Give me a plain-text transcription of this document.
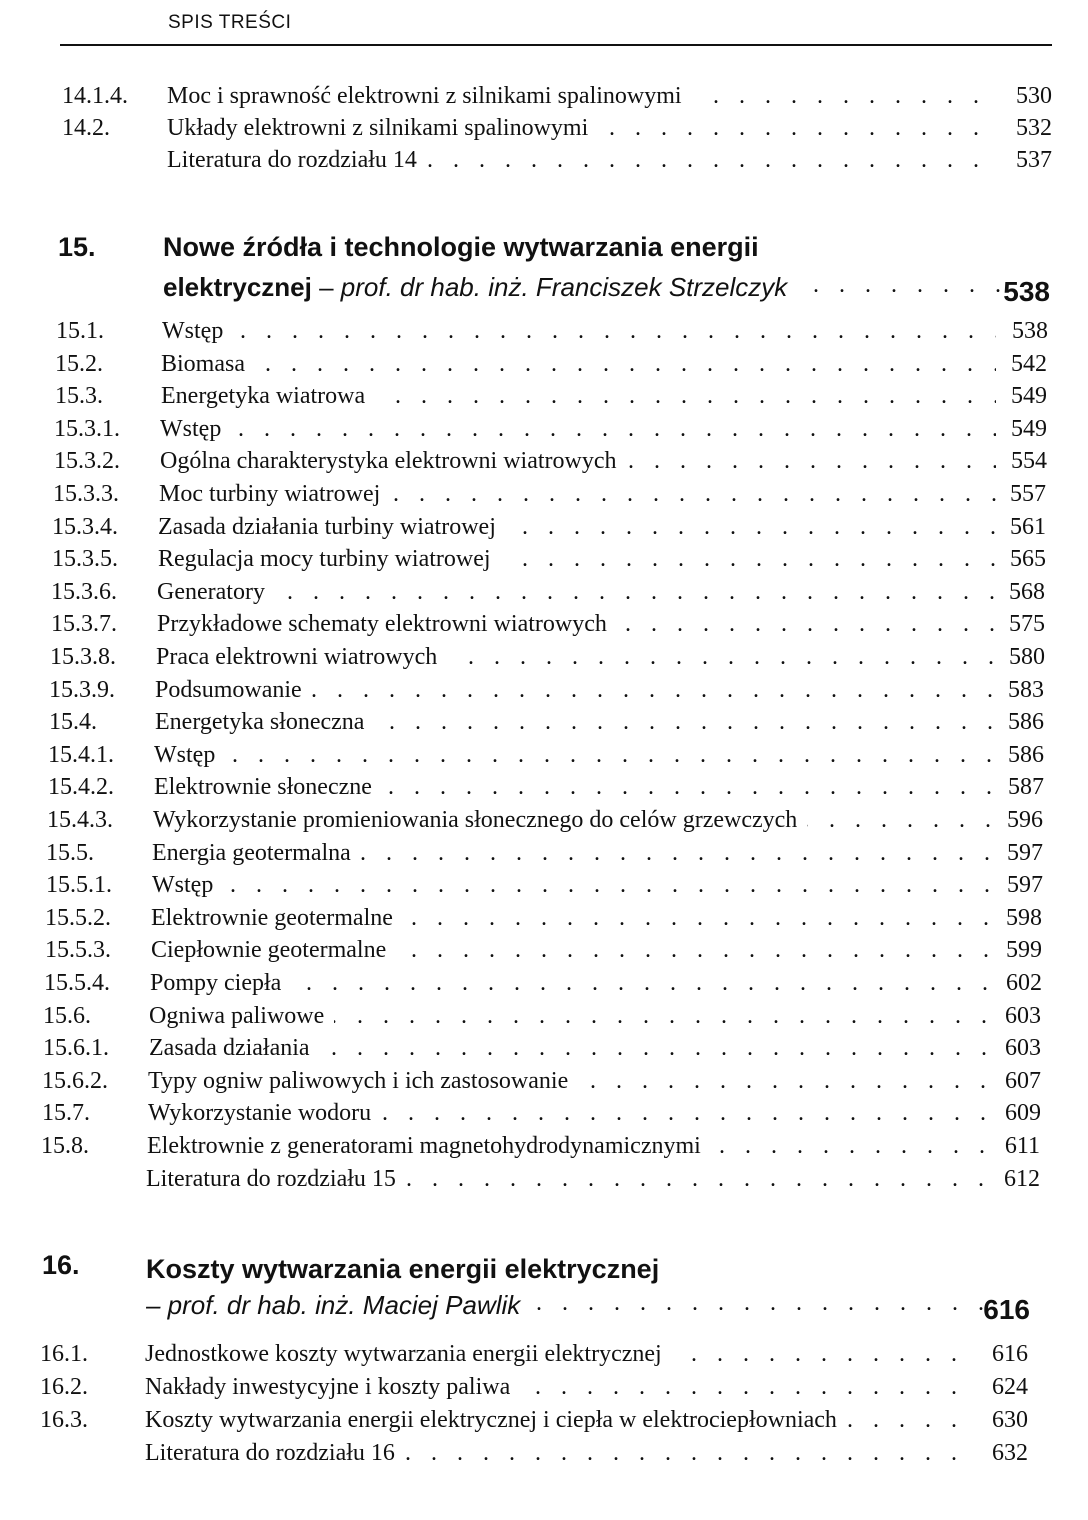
SPIS TREŚCI
14.1.4. Moc i sprawność elektrowni z silnikami spalinowymi . . .	530
14.2. Układy elektrowni z silnikami spalinowymi . . .	532
Literatura do rozdziału 14 . . .	537
15. Nowe źródła i technologie wytwarzania energii
elektrycznej – prof. dr hab. inż. Franciszek Strzelczyk . . .	538
15.1. Wstęp . . .	538
15.2. Biomasa . . .	542
15.3. Energetyka wiatrowa . . .	549
15.3.1. Wstęp . . .	549
15.3.2. Ogólna charakterystyka elektrowni wiatrowych . . .	554
15.3.3. Moc turbiny wiatrowej . . .	557
15.3.4. Zasada działania turbiny wiatrowej . . .	561
15.3.5. Regulacja mocy turbiny wiatrowej . . .	565
15.3.6. Generatory . . .	568
15.3.7. Przykładowe schematy elektrowni wiatrowych . . .	575
15.3.8. Praca elektrowni wiatrowych . . .	580
15.3.9. Podsumowanie . . .	583
15.4. Energetyka słoneczna . . .	586
15.4.1. Wstęp . . .	586
15.4.2. Elektrownie słoneczne . . .	587
15.4.3. Wykorzystanie promieniowania słonecznego do celów grzewczych . . .	596
15.5. Energia geotermalna . . .	597
15.5.1. Wstęp . . .	597
15.5.2. Elektrownie geotermalne . . .	598
15.5.3. Ciepłownie geotermalne . . .	599
15.5.4. Pompy ciepła . . .	602
15.6. Ogniwa paliwowe . . .	603
15.6.1. Zasada działania . . .	603
15.6.2. Typy ogniw paliwowych i ich zastosowanie . . .	607
15.7. Wykorzystanie wodoru . . .	609
15.8. Elektrownie z generatorami magnetohydrodynamicznymi . . .	611
Literatura do rozdziału 15 . . .	612
16. Koszty wytwarzania energii elektrycznej
– prof. dr hab. inż. Maciej Pawlik . . .	616
16.1. Jednostkowe koszty wytwarzania energii elektrycznej . . .	616
16.2. Nakłady inwestycyjne i koszty paliwa . . .	624
16.3. Koszty wytwarzania energii elektrycznej i ciepła w elektrociepłowniach . . .	630
Literatura do rozdziału 16 . . .	632
